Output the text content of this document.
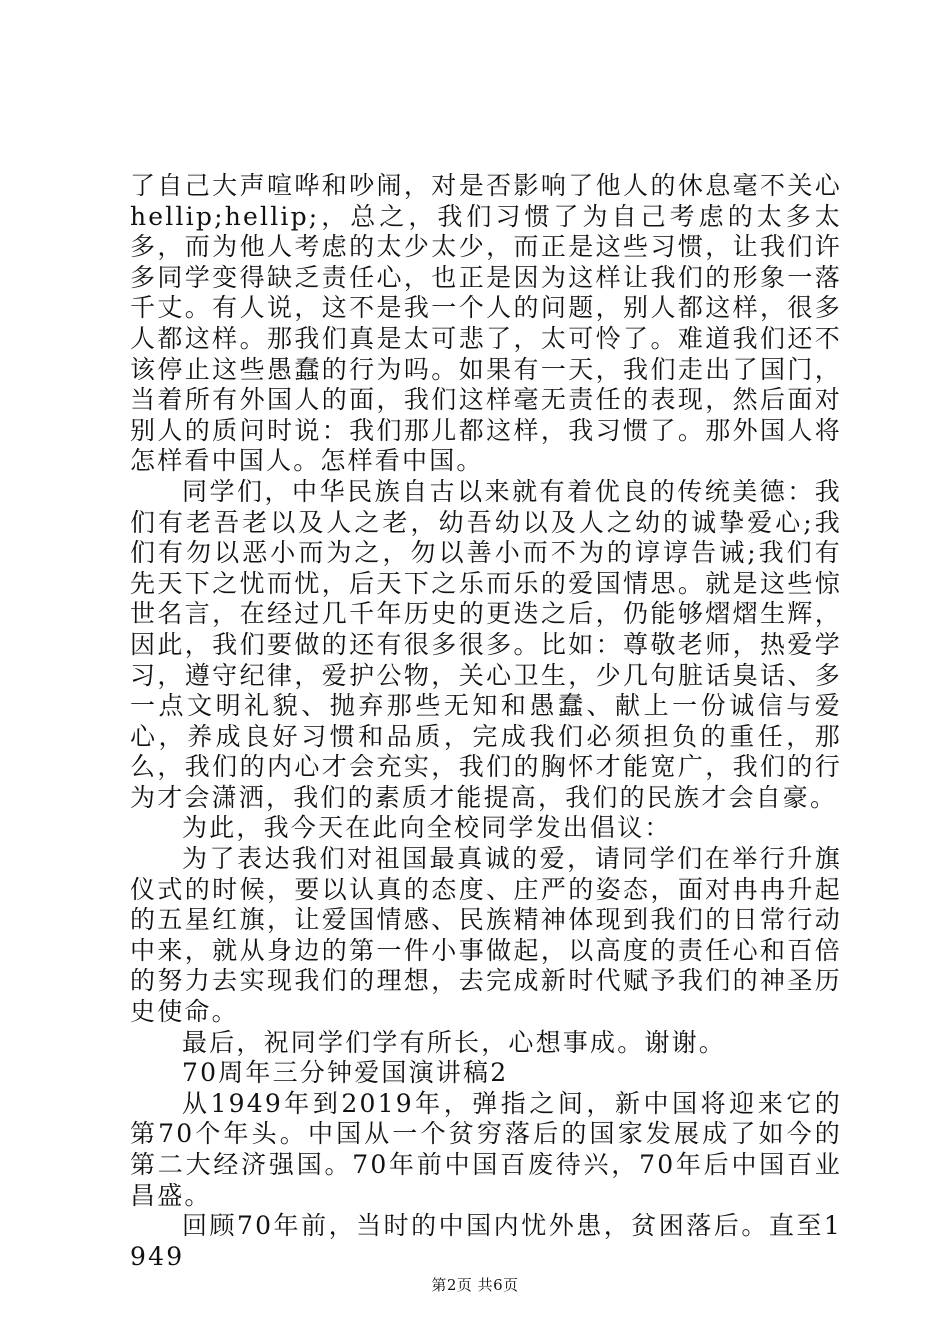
了自己大声喧哗和吵闹，对是否影响了他人的休息毫不关心hellip;hellip;，总之，我们习惯了为自己考虑的太多太多，而为他人考虑的太少太少，而正是这些习惯，让我们许多同学变得缺乏责任心，也正是因为这样让我们的形象一落千丈。有人说，这不是我一个人的问题，别人都这样，很多人都这样。那我们真是太可悲了，太可怜了。难道我们还不该停止这些愚蠢的行为吗。如果有一天，我们走出了国门，当着所有外国人的面，我们这样毫无责任的表现，然后面对别人的质问时说：我们那儿都这样，我习惯了。那外国人将怎样看中国人。怎样看中国。

同学们，中华民族自古以来就有着优良的传统美德：我们有老吾老以及人之老，幼吾幼以及人之幼的诚挚爱心;我们有勿以恶小而为之，勿以善小而不为的谆谆告诫;我们有先天下之忧而忧，后天下之乐而乐的爱国情思。就是这些惊世名言，在经过几千年历史的更迭之后，仍能够熠熠生辉，因此，我们要做的还有很多很多。比如：尊敬老师，热爱学习，遵守纪律，爱护公物，关心卫生，少几句脏话臭话、多一点文明礼貌、抛弃那些无知和愚蠢、献上一份诚信与爱心，养成良好习惯和品质，完成我们必须担负的重任，那么，我们的内心才会充实，我们的胸怀才能宽广，我们的行为才会潇洒，我们的素质才能提高，我们的民族才会自豪。

为此，我今天在此向全校同学发出倡议：

为了表达我们对祖国最真诚的爱，请同学们在举行升旗仪式的时候，要以认真的态度、庄严的姿态，面对冉冉升起的五星红旗，让爱国情感、民族精神体现到我们的日常行动中来，就从身边的第一件小事做起，以高度的责任心和百倍的努力去实现我们的理想，去完成新时代赋予我们的神圣历史使命。

最后，祝同学们学有所长，心想事成。谢谢。

70周年三分钟爱国演讲稿2

从1949年到2019年，弹指之间，新中国将迎来它的第70个年头。中国从一个贫穷落后的国家发展成了如今的第二大经济强国。70年前中国百废待兴，70年后中国百业昌盛。

回顾70年前，当时的中国内忧外患，贫困落后。直至1949

第2页 共6页
